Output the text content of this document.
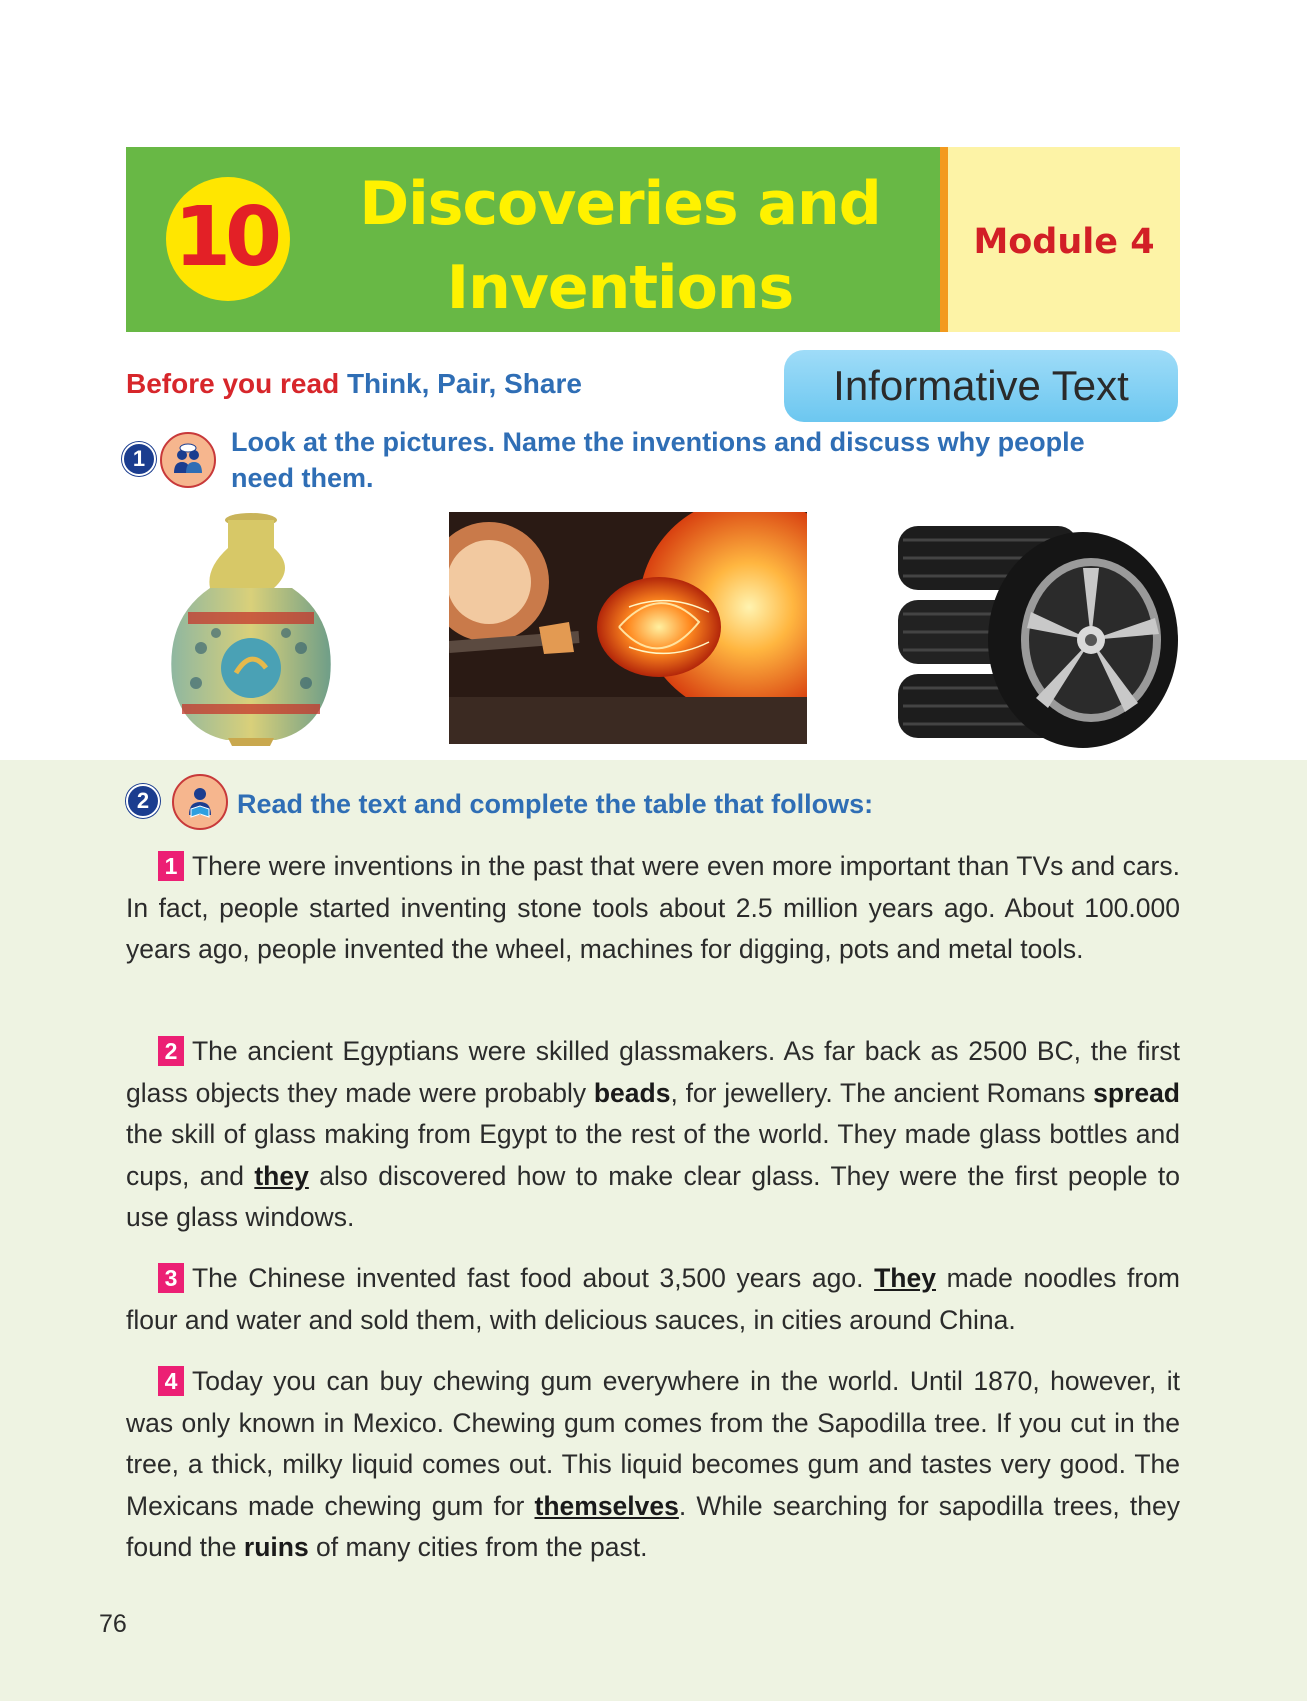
10	Discoveries and
Inventions
Module 4
Before you read Think, Pair, Share	Informative Text
1
Look at the pictures. Name the inventions and discuss why people
need them.
2	Read the text and complete the table that follows:
1 There were inventions in the past that were even more important than TVs and cars. In fact, people started inventing stone tools about 2.5 million years ago. About 100.000 years ago, people invented the wheel, machines for digging, pots and metal tools.
2 The ancient Egyptians were skilled glassmakers. As far back as 2500 BC, the first glass objects they made were probably beads, for jewellery. The ancient Romans spread the skill of glass making from Egypt to the rest of the world. They made glass bottles and cups, and they also discovered how to make clear glass. They were the first people to use glass windows.
3 The Chinese invented fast food about 3,500 years ago. They made noodles from flour and water and sold them, with delicious sauces, in cities around China.
4 Today you can buy chewing gum everywhere in the world. Until 1870, however, it was only known in Mexico. Chewing gum comes from the Sapodilla tree. If you cut in the tree, a thick, milky liquid comes out. This liquid becomes gum and tastes very good. The Mexicans made chewing gum for themselves. While searching for sapodilla trees, they found the ruins of many cities from the past.
76
